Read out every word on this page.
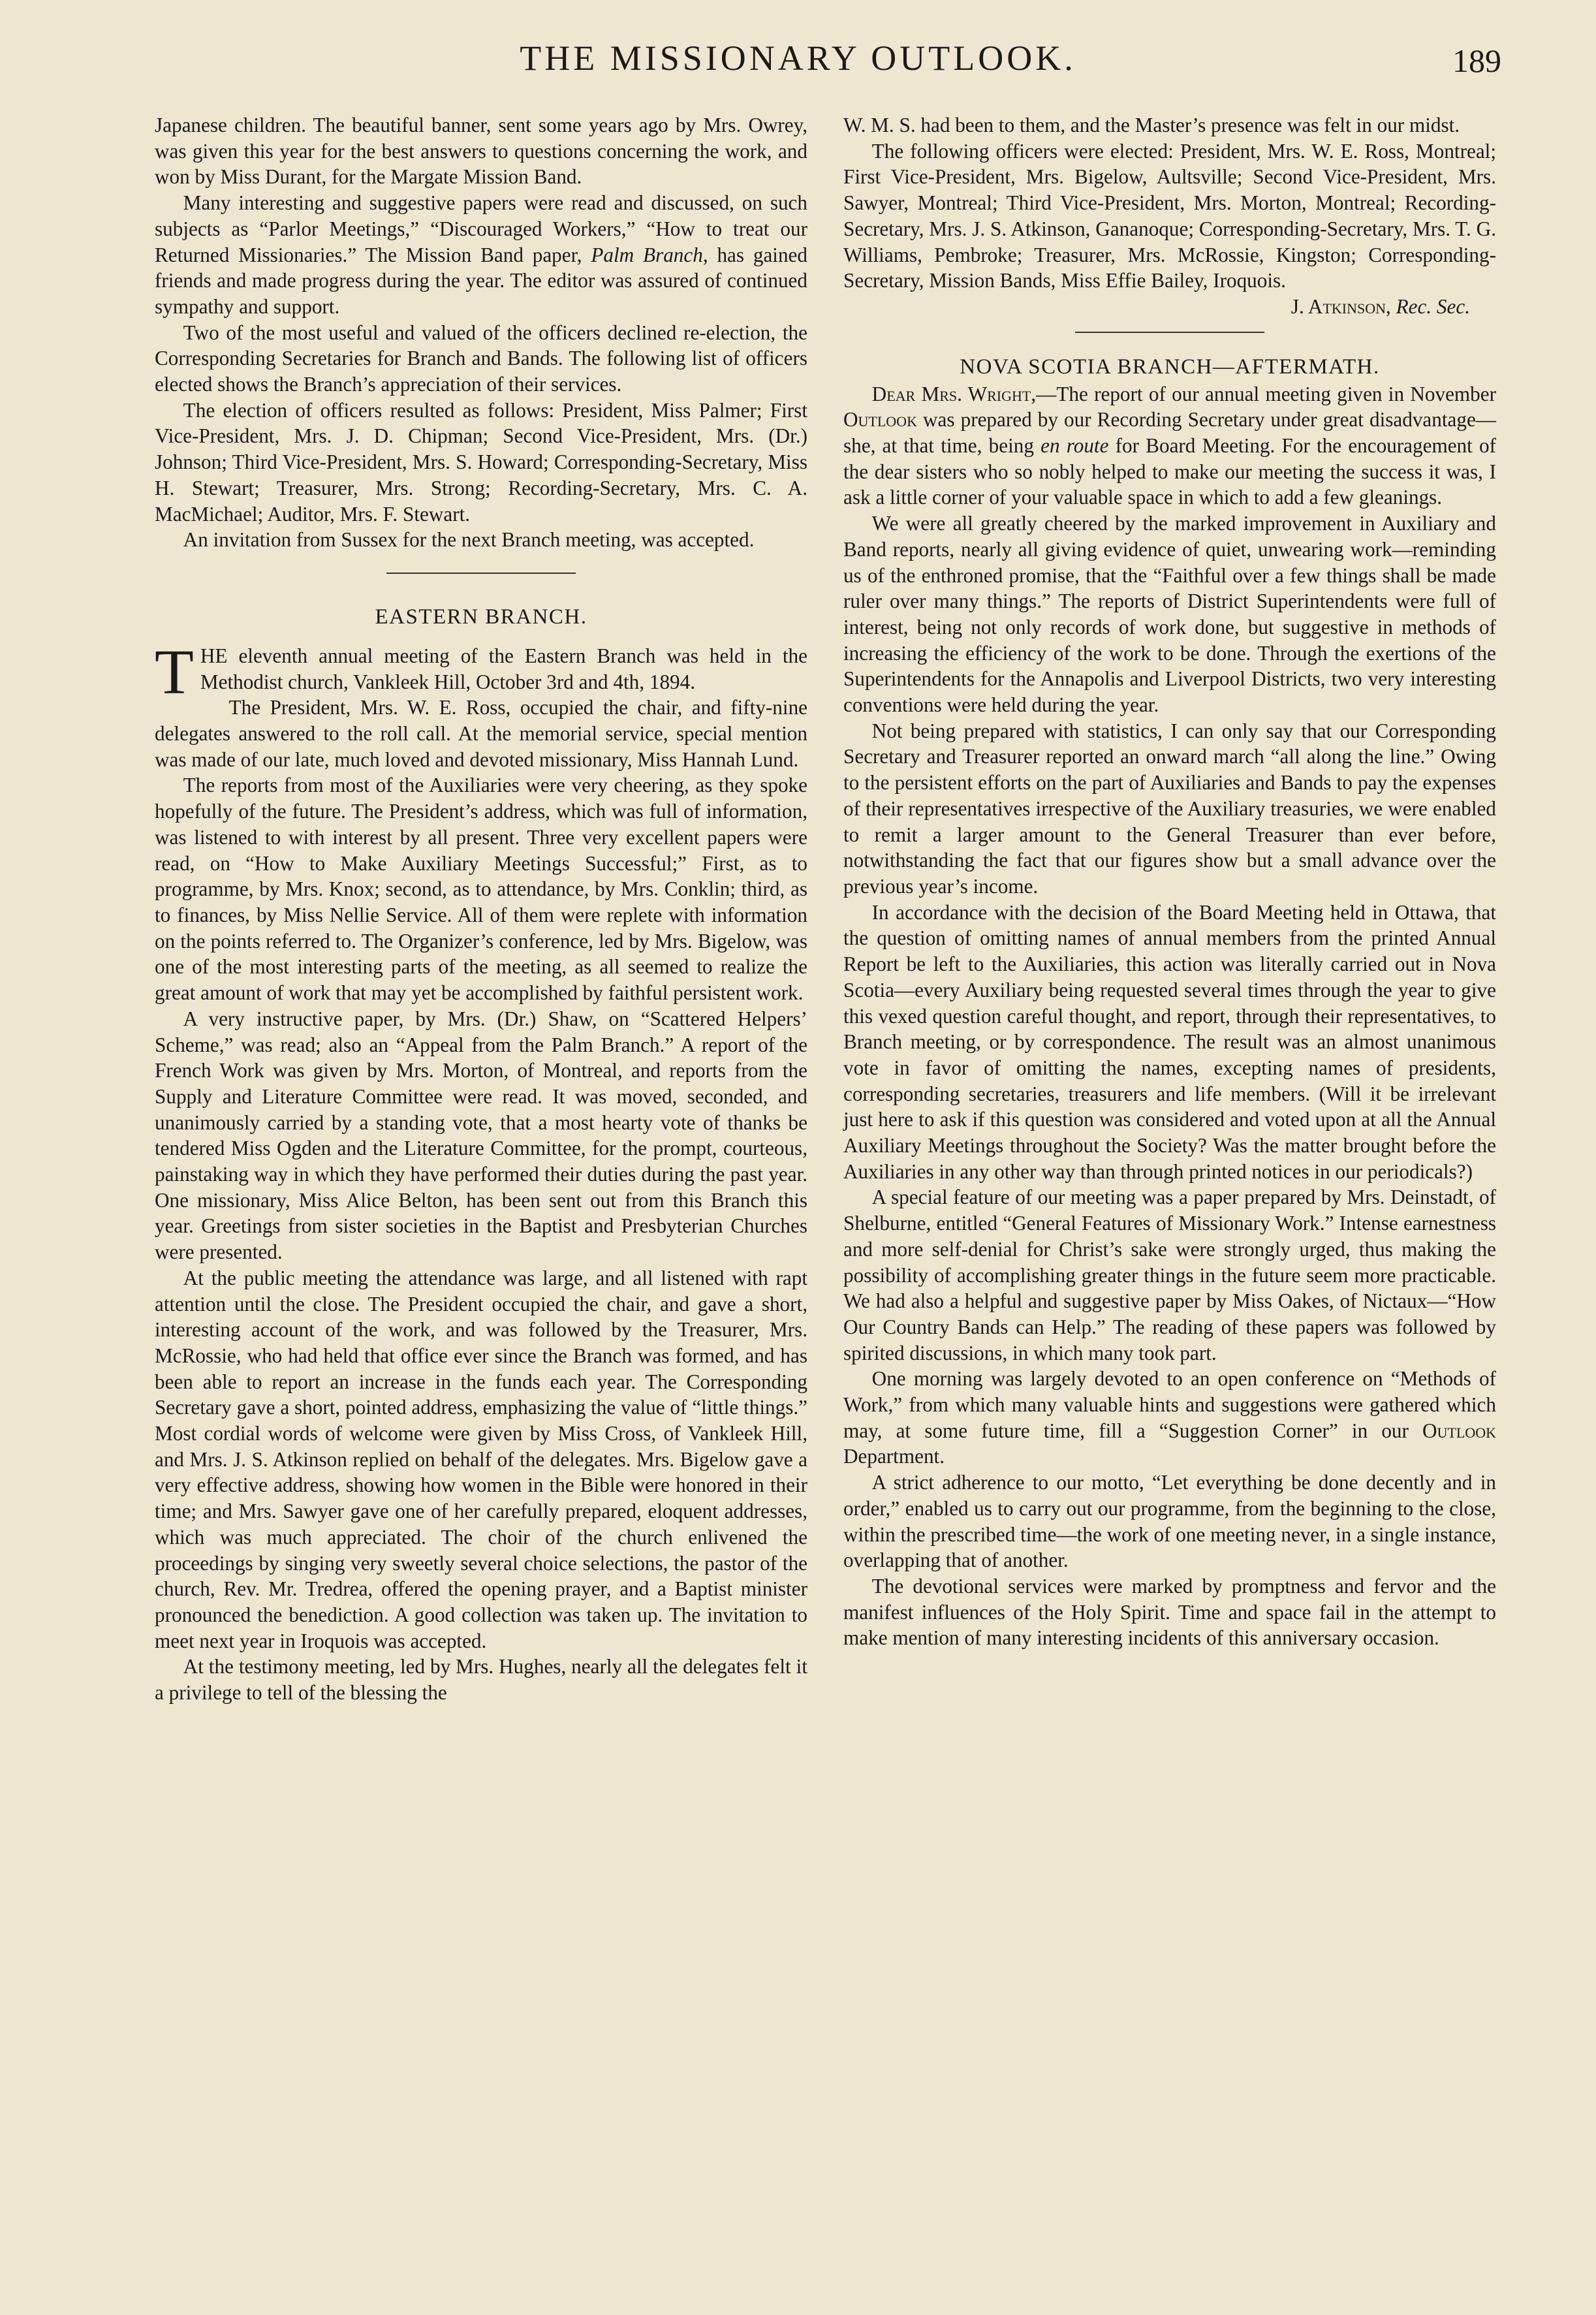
THE MISSIONARY OUTLOOK.	189

Japanese children. The beautiful banner, sent some years ago by Mrs. Owrey, was given this year for the best answers to questions concerning the work, and won by Miss Durant, for the Margate Mission Band.

Many interesting and suggestive papers were read and discussed, on such subjects as “Parlor Meetings,” “Discouraged Workers,” “How to treat our Returned Missionaries.” The Mission Band paper, Palm Branch, has gained friends and made progress during the year. The editor was assured of continued sympathy and support.

Two of the most useful and valued of the officers declined re-election, the Corresponding Secretaries for Branch and Bands. The following list of officers elected shows the Branch’s appreciation of their services.

The election of officers resulted as follows: President, Miss Palmer; First Vice-President, Mrs. J. D. Chipman; Second Vice-President, Mrs. (Dr.) Johnson; Third Vice-President, Mrs. S. Howard; Corresponding-Secretary, Miss H. Stewart; Treasurer, Mrs. Strong; Recording-Secretary, Mrs. C. A. MacMichael; Auditor, Mrs. F. Stewart.

An invitation from Sussex for the next Branch meeting, was accepted.

EASTERN BRANCH.

THE eleventh annual meeting of the Eastern Branch was held in the Methodist church, Vankleek Hill, October 3rd and 4th, 1894.

The President, Mrs. W. E. Ross, occupied the chair, and fifty-nine delegates answered to the roll call. At the memorial service, special mention was made of our late, much loved and devoted missionary, Miss Hannah Lund.

The reports from most of the Auxiliaries were very cheering, as they spoke hopefully of the future. The President’s address, which was full of information, was listened to with interest by all present. Three very excellent papers were read, on “How to Make Auxiliary Meetings Successful;” First, as to programme, by Mrs. Knox; second, as to attendance, by Mrs. Conklin; third, as to finances, by Miss Nellie Service. All of them were replete with information on the points referred to. The Organizer’s conference, led by Mrs. Bigelow, was one of the most interesting parts of the meeting, as all seemed to realize the great amount of work that may yet be accomplished by faithful persistent work.

A very instructive paper, by Mrs. (Dr.) Shaw, on “Scattered Helpers’ Scheme,” was read; also an “Appeal from the Palm Branch.” A report of the French Work was given by Mrs. Morton, of Montreal, and reports from the Supply and Literature Committee were read. It was moved, seconded, and unanimously carried by a standing vote, that a most hearty vote of thanks be tendered Miss Ogden and the Literature Committee, for the prompt, courteous, painstaking way in which they have performed their duties during the past year. One missionary, Miss Alice Belton, has been sent out from this Branch this year. Greetings from sister societies in the Baptist and Presbyterian Churches were presented.

At the public meeting the attendance was large, and all listened with rapt attention until the close. The President occupied the chair, and gave a short, interesting account of the work, and was followed by the Treasurer, Mrs. McRossie, who had held that office ever since the Branch was formed, and has been able to report an increase in the funds each year. The Corresponding Secretary gave a short, pointed address, emphasizing the value of “little things.” Most cordial words of welcome were given by Miss Cross, of Vankleek Hill, and Mrs. J. S. Atkinson replied on behalf of the delegates. Mrs. Bigelow gave a very effective address, showing how women in the Bible were honored in their time; and Mrs. Sawyer gave one of her carefully prepared, eloquent addresses, which was much appreciated. The choir of the church enlivened the proceedings by singing very sweetly several choice selections, the pastor of the church, Rev. Mr. Tredrea, offered the opening prayer, and a Baptist minister pronounced the benediction. A good collection was taken up. The invitation to meet next year in Iroquois was accepted.

At the testimony meeting, led by Mrs. Hughes, nearly all the delegates felt it a privilege to tell of the blessing the

W. M. S. had been to them, and the Master’s presence was felt in our midst.

The following officers were elected: President, Mrs. W. E. Ross, Montreal; First Vice-President, Mrs. Bigelow, Aultsville; Second Vice-President, Mrs. Sawyer, Montreal; Third Vice-President, Mrs. Morton, Montreal; Recording-Secretary, Mrs. J. S. Atkinson, Gananoque; Corresponding-Secretary, Mrs. T. G. Williams, Pembroke; Treasurer, Mrs. McRossie, Kingston; Corresponding-Secretary, Mission Bands, Miss Effie Bailey, Iroquois.

J. Atkinson, Rec. Sec.

NOVA SCOTIA BRANCH—AFTERMATH.

Dear Mrs. Wright,—The report of our annual meeting given in November Outlook was prepared by our Recording Secretary under great disadvantage—she, at that time, being en route for Board Meeting. For the encouragement of the dear sisters who so nobly helped to make our meeting the success it was, I ask a little corner of your valuable space in which to add a few gleanings.

We were all greatly cheered by the marked improvement in Auxiliary and Band reports, nearly all giving evidence of quiet, unwearing work—reminding us of the enthroned promise, that the “Faithful over a few things shall be made ruler over many things.” The reports of District Superintendents were full of interest, being not only records of work done, but suggestive in methods of increasing the efficiency of the work to be done. Through the exertions of the Superintendents for the Annapolis and Liverpool Districts, two very interesting conventions were held during the year.

Not being prepared with statistics, I can only say that our Corresponding Secretary and Treasurer reported an onward march “all along the line.” Owing to the persistent efforts on the part of Auxiliaries and Bands to pay the expenses of their representatives irrespective of the Auxiliary treasuries, we were enabled to remit a larger amount to the General Treasurer than ever before, notwithstanding the fact that our figures show but a small advance over the previous year’s income.

In accordance with the decision of the Board Meeting held in Ottawa, that the question of omitting names of annual members from the printed Annual Report be left to the Auxiliaries, this action was literally carried out in Nova Scotia—every Auxiliary being requested several times through the year to give this vexed question careful thought, and report, through their representatives, to Branch meeting, or by correspondence. The result was an almost unanimous vote in favor of omitting the names, excepting names of presidents, corresponding secretaries, treasurers and life members. (Will it be irrelevant just here to ask if this question was considered and voted upon at all the Annual Auxiliary Meetings throughout the Society? Was the matter brought before the Auxiliaries in any other way than through printed notices in our periodicals?)

A special feature of our meeting was a paper prepared by Mrs. Deinstadt, of Shelburne, entitled “General Features of Missionary Work.” Intense earnestness and more self-denial for Christ’s sake were strongly urged, thus making the possibility of accomplishing greater things in the future seem more practicable. We had also a helpful and suggestive paper by Miss Oakes, of Nictaux—“How Our Country Bands can Help.” The reading of these papers was followed by spirited discussions, in which many took part.

One morning was largely devoted to an open conference on “Methods of Work,” from which many valuable hints and suggestions were gathered which may, at some future time, fill a “Suggestion Corner” in our Outlook Department.

A strict adherence to our motto, “Let everything be done decently and in order,” enabled us to carry out our programme, from the beginning to the close, within the prescribed time—the work of one meeting never, in a single instance, overlapping that of another.

The devotional services were marked by promptness and fervor and the manifest influences of the Holy Spirit. Time and space fail in the attempt to make mention of many interesting incidents of this anniversary occasion.
